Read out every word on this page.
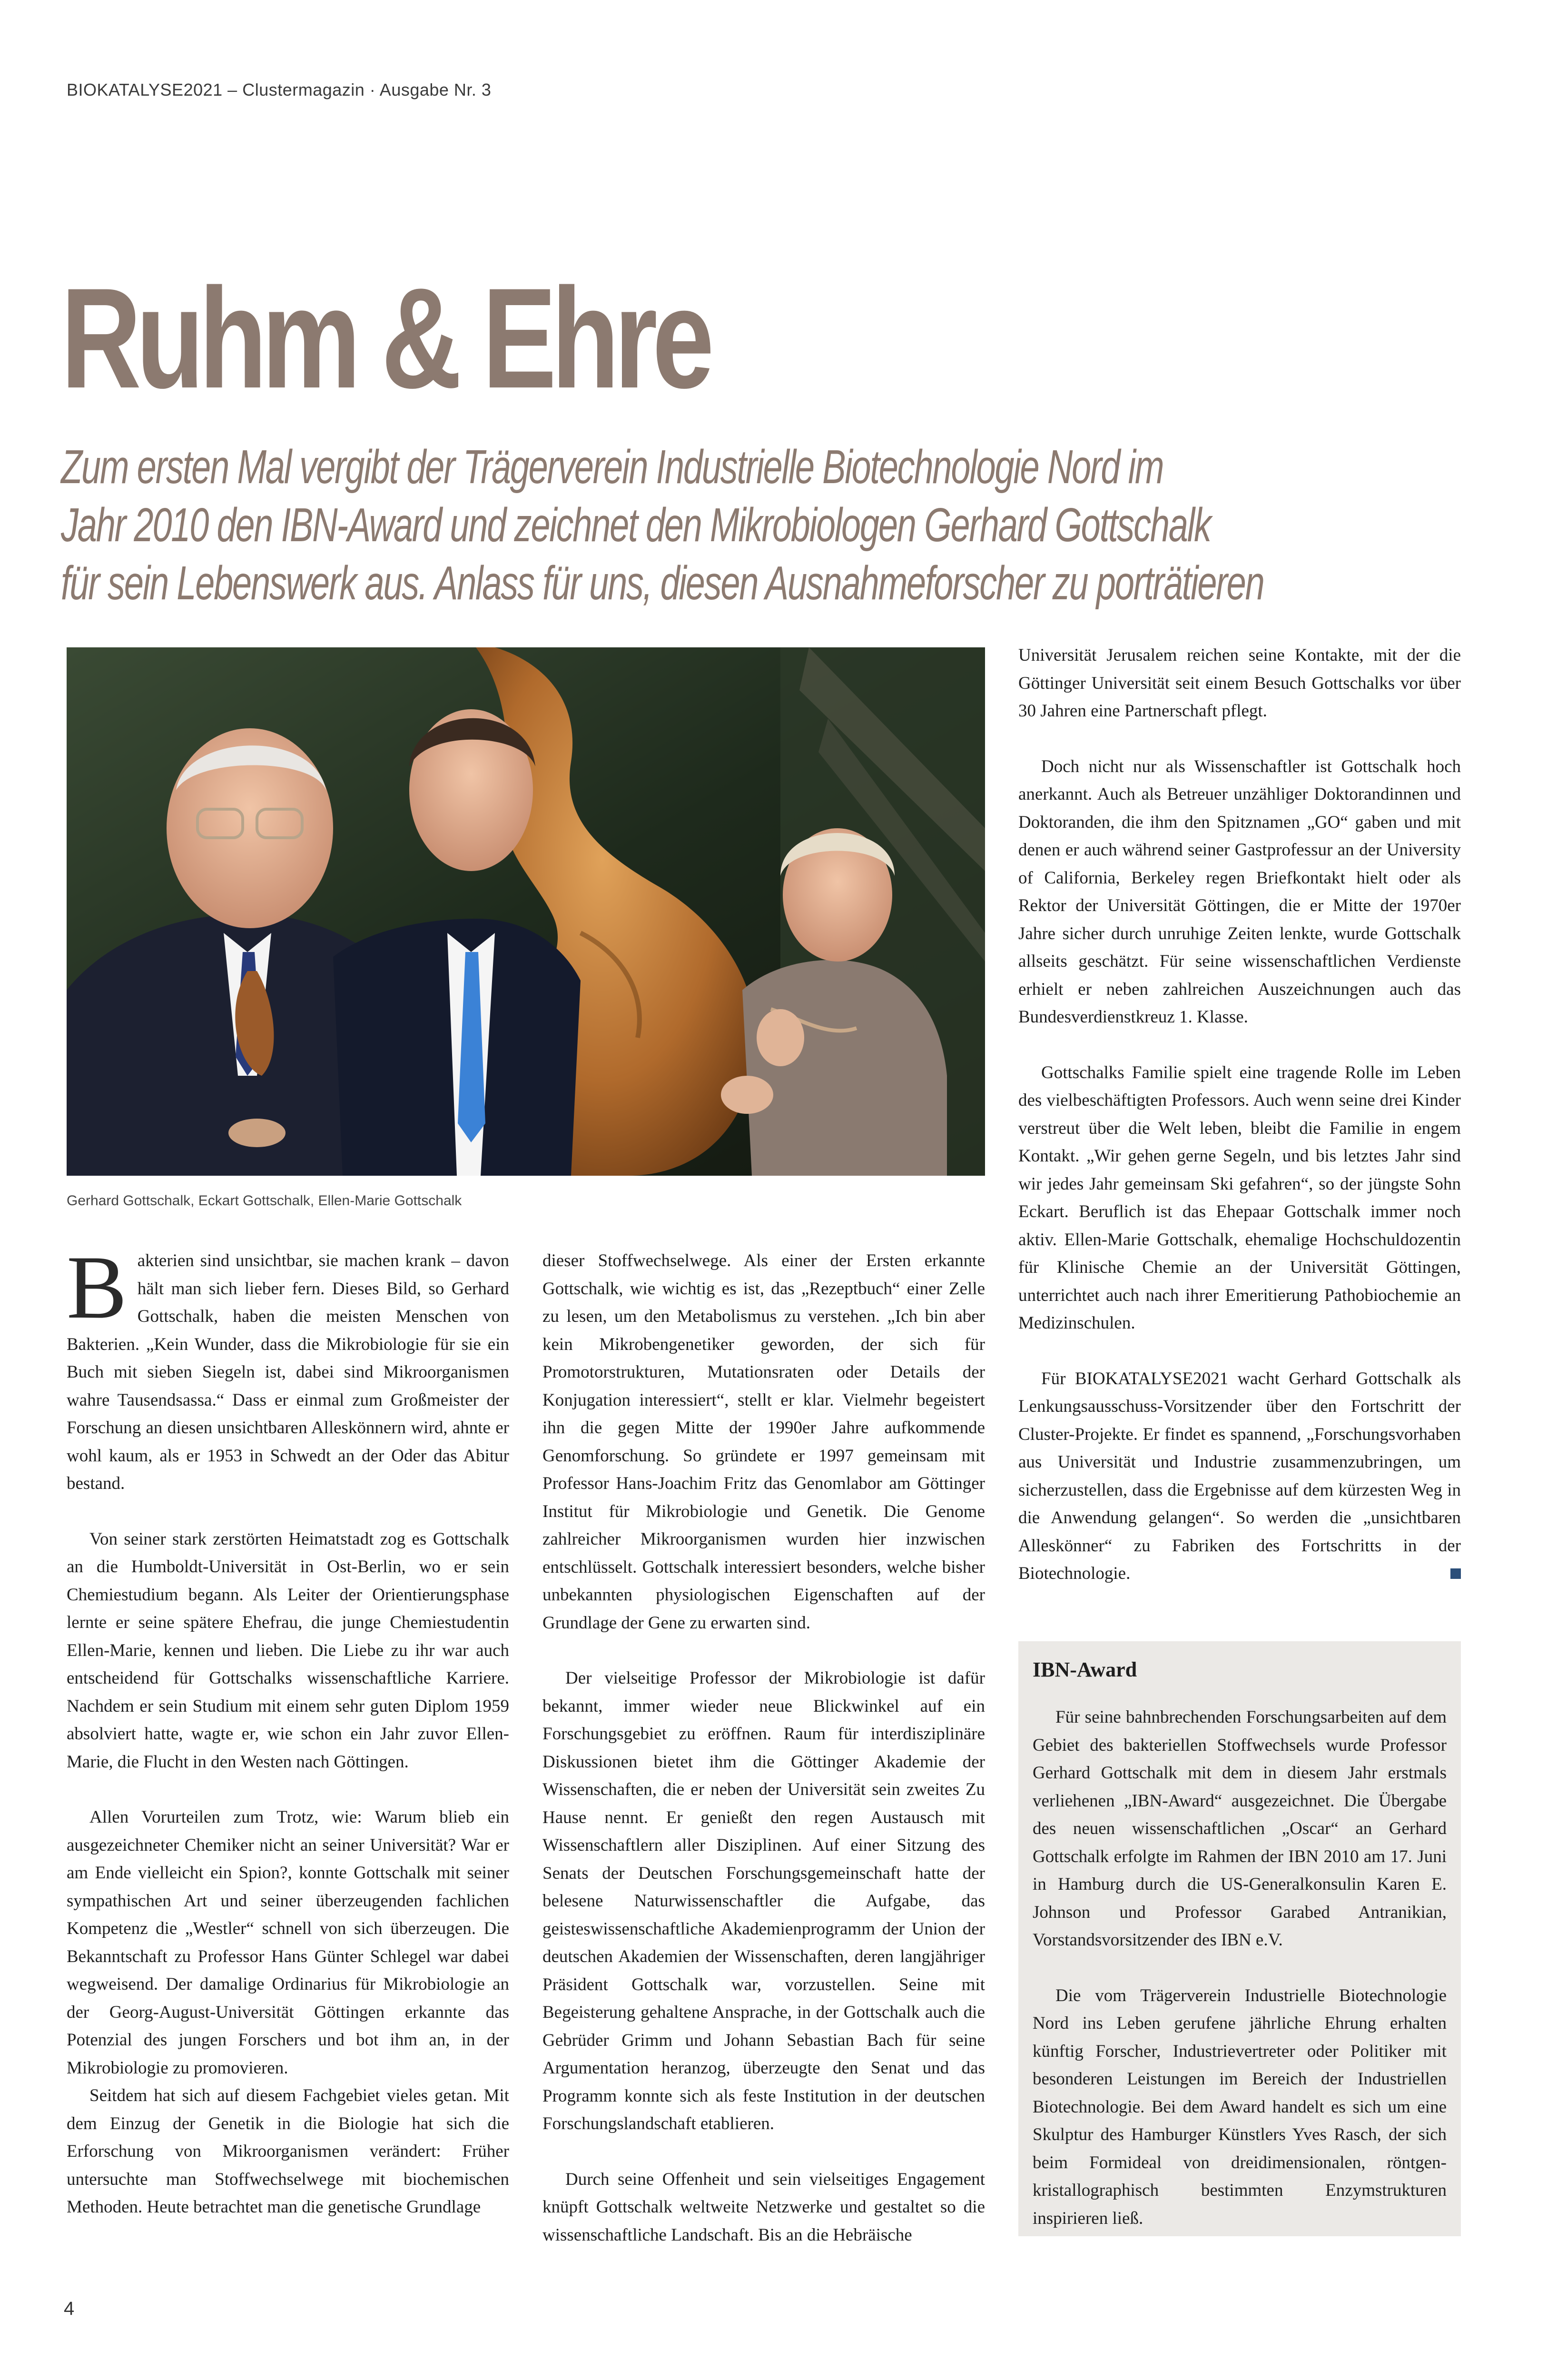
BIOKATALYSE2021 – Clustermagazin · Ausgabe Nr. 3
Ruhm & Ehre
Zum ersten Mal vergibt der Trägerverein Industrielle Biotechnologie Nord im
Jahr 2010 den IBN-Award und zeichnet den Mikrobiologen Gerhard Gottschalk
für sein Lebenswerk aus. Anlass für uns, diesen Ausnahmeforscher zu porträtieren
Gerhard Gottschalk, Eckart Gottschalk, Ellen-Marie Gottschalk

Bakterien sind unsichtbar, sie machen krank – davon hält man sich lieber fern. Dieses Bild, so Gerhard Gottschalk, haben die meisten Menschen von Bakterien. „Kein Wunder, dass die Mikrobiologie für sie ein Buch mit sieben Siegeln ist, dabei sind Mikroorganismen wahre Tausendsassa.“ Dass er einmal zum Großmeister der Forschung an diesen unsichtbaren Alleskönnern wird, ahnte er wohl kaum, als er 1953 in Schwedt an der Oder das Abitur bestand.

Von seiner stark zerstörten Heimatstadt zog es Gottschalk an die Humboldt-Universität in Ost-Berlin, wo er sein Chemiestudium begann. Als Leiter der Orientierungsphase lernte er seine spätere Ehefrau, die junge Chemiestudentin Ellen-Marie, kennen und lieben. Die Liebe zu ihr war auch entscheidend für Gottschalks wissenschaftliche Karriere. Nachdem er sein Studium mit einem sehr guten Diplom 1959 absolviert hatte, wagte er, wie schon ein Jahr zuvor Ellen-Marie, die Flucht in den Westen nach Göttingen.

Allen Vorurteilen zum Trotz, wie: Warum blieb ein ausgezeichneter Chemiker nicht an seiner Universität? War er am Ende vielleicht ein Spion?, konnte Gottschalk mit seiner sympathischen Art und seiner überzeugenden fachlichen Kompetenz die „Westler“ schnell von sich überzeugen. Die Bekanntschaft zu Professor Hans Günter Schlegel war dabei wegweisend. Der damalige Ordinarius für Mikrobiologie an der Georg-August-Universität Göttingen erkannte das Potenzial des jungen Forschers und bot ihm an, in der Mikrobiologie zu promovieren.

Seitdem hat sich auf diesem Fachgebiet vieles getan. Mit dem Einzug der Genetik in die Biologie hat sich die Erforschung von Mikroorganismen verändert: Früher untersuchte man Stoffwechselwege mit biochemischen Methoden. Heute betrachtet man die genetische Grundlage

dieser Stoffwechselwege. Als einer der Ersten erkannte Gottschalk, wie wichtig es ist, das „Rezeptbuch“ einer Zelle zu lesen, um den Metabolismus zu verstehen. „Ich bin aber kein Mikrobengenetiker geworden, der sich für Promotorstrukturen, Mutationsraten oder Details der Konjugation interessiert“, stellt er klar. Vielmehr begeistert ihn die gegen Mitte der 1990er Jahre aufkommende Genomforschung. So gründete er 1997 gemeinsam mit Professor Hans-Joachim Fritz das Genomlabor am Göttinger Institut für Mikrobiologie und Genetik. Die Genome zahlreicher Mikroorganismen wurden hier inzwischen entschlüsselt. Gottschalk interessiert besonders, welche bisher unbekannten physiologischen Eigenschaften auf der Grundlage der Gene zu erwarten sind.

Der vielseitige Professor der Mikrobiologie ist dafür bekannt, immer wieder neue Blickwinkel auf ein Forschungsgebiet zu eröffnen. Raum für interdisziplinäre Diskussionen bietet ihm die Göttinger Akademie der Wissenschaften, die er neben der Universität sein zweites Zu Hause nennt. Er genießt den regen Austausch mit Wissenschaftlern aller Disziplinen. Auf einer Sitzung des Senats der Deutschen Forschungsgemeinschaft hatte der belesene Naturwissenschaftler die Aufgabe, das geisteswissenschaftliche Akademienprogramm der Union der deutschen Akademien der Wissenschaften, deren langjähriger Präsident Gottschalk war, vorzustellen. Seine mit Begeisterung gehaltene Ansprache, in der Gottschalk auch die Gebrüder Grimm und Johann Sebastian Bach für seine Argumentation heranzog, überzeugte den Senat und das Programm konnte sich als feste Institution in der deutschen Forschungslandschaft etablieren.

Durch seine Offenheit und sein vielseitiges Engagement knüpft Gottschalk weltweite Netzwerke und gestaltet so die wissenschaftliche Landschaft. Bis an die Hebräische

Universität Jerusalem reichen seine Kontakte, mit der die Göttinger Universität seit einem Besuch Gottschalks vor über 30 Jahren eine Partnerschaft pflegt.

Doch nicht nur als Wissenschaftler ist Gottschalk hoch anerkannt. Auch als Betreuer unzähliger Doktorandinnen und Doktoranden, die ihm den Spitznamen „GO“ gaben und mit denen er auch während seiner Gastprofessur an der University of California, Berkeley regen Briefkontakt hielt oder als Rektor der Universität Göttingen, die er Mitte der 1970er Jahre sicher durch unruhige Zeiten lenkte, wurde Gottschalk allseits geschätzt. Für seine wissenschaftlichen Verdienste erhielt er neben zahlreichen Auszeichnungen auch das Bundesverdienstkreuz 1. Klasse.

Gottschalks Familie spielt eine tragende Rolle im Leben des vielbeschäftigten Professors. Auch wenn seine drei Kinder verstreut über die Welt leben, bleibt die Familie in engem Kontakt. „Wir gehen gerne Segeln, und bis letztes Jahr sind wir jedes Jahr gemeinsam Ski gefahren“, so der jüngste Sohn Eckart. Beruflich ist das Ehepaar Gottschalk immer noch aktiv. Ellen-Marie Gottschalk, ehemalige Hochschuldozentin für Klinische Chemie an der Universität Göttingen, unterrichtet auch nach ihrer Emeritierung Pathobiochemie an Medizinschulen.

Für BIOKATALYSE2021 wacht Gerhard Gottschalk als Lenkungsausschuss-Vorsitzender über den Fortschritt der Cluster-Projekte. Er findet es spannend, „Forschungsvorhaben aus Universität und Industrie zusammenzubringen, um sicherzustellen, dass die Ergebnisse auf dem kürzesten Weg in die Anwendung gelangen“. So werden die „unsichtbaren Alleskönner“ zu Fabriken des Fortschritts in der Biotechnologie.

IBN-Award

Für seine bahnbrechenden Forschungsarbeiten auf dem Gebiet des bakteriellen Stoffwechsels wurde Professor Gerhard Gottschalk mit dem in diesem Jahr erstmals verliehenen „IBN-Award“ ausgezeichnet. Die Übergabe des neuen wissenschaftlichen „Oscar“ an Gerhard Gottschalk erfolgte im Rahmen der IBN 2010 am 17. Juni in Hamburg durch die US-Generalkonsulin Karen E. Johnson und Professor Garabed Antranikian, Vorstandsvorsitzender des IBN e.V.

Die vom Trägerverein Industrielle Biotechnologie Nord ins Leben gerufene jährliche Ehrung erhalten künftig Forscher, Industrievertreter oder Politiker mit besonderen Leistungen im Bereich der Industriellen Biotechnologie. Bei dem Award handelt es sich um eine Skulptur des Hamburger Künstlers Yves Rasch, der sich beim Formideal von dreidimensionalen, röntgen-kristallographisch bestimmten Enzymstrukturen inspirieren ließ.

4
